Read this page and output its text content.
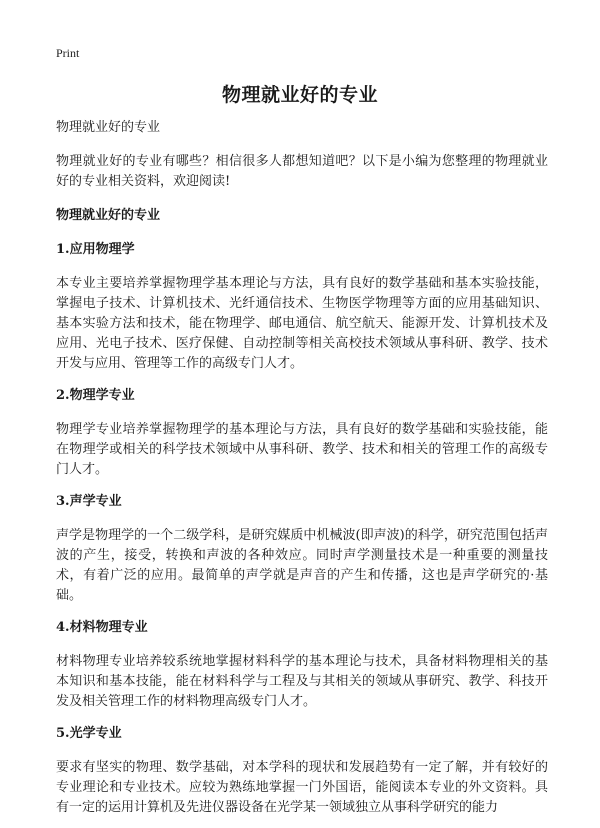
Print
物理就业好的专业

物理就业好的专业

物理就业好的专业有哪些？相信很多人都想知道吧？以下是小编为您整理的物理就业好的专业相关资料，欢迎阅读!

物理就业好的专业

1.应用物理学

本专业主要培养掌握物理学基本理论与方法，具有良好的数学基础和基本实验技能，掌握电子技术、计算机技术、光纤通信技术、生物医学物理等方面的应用基础知识、基本实验方法和技术，能在物理学、邮电通信、航空航天、能源开发、计算机技术及应用、光电子技术、医疗保健、自动控制等相关高校技术领域从事科研、教学、技术开发与应用、管理等工作的高级专门人才。

2.物理学专业

物理学专业培养掌握物理学的基本理论与方法，具有良好的数学基础和实验技能，能在物理学或相关的科学技术领域中从事科研、教学、技术和相关的管理工作的高级专门人才。

3.声学专业

声学是物理学的一个二级学科，是研究媒质中机械波(即声波)的科学，研究范围包括声波的产生，接受，转换和声波的各种效应。同时声学测量技术是一种重要的测量技术，有着广泛的应用。最简单的声学就是声音的产生和传播，这也是声学研究的·基础。

4.材料物理专业

材料物理专业培养较系统地掌握材料科学的基本理论与技术，具备材料物理相关的基本知识和基本技能，能在材料科学与工程及与其相关的领域从事研究、教学、科技开发及相关管理工作的材料物理高级专门人才。

5.光学专业

要求有坚实的物理、数学基础，对本学科的现状和发展趋势有一定了解，并有较好的专业理论和专业技术。应较为熟练地掌握一门外国语，能阅读本专业的外文资料。具有一定的运用计算机及先进仪器设备在光学某一领域独立从事科学研究的能力
